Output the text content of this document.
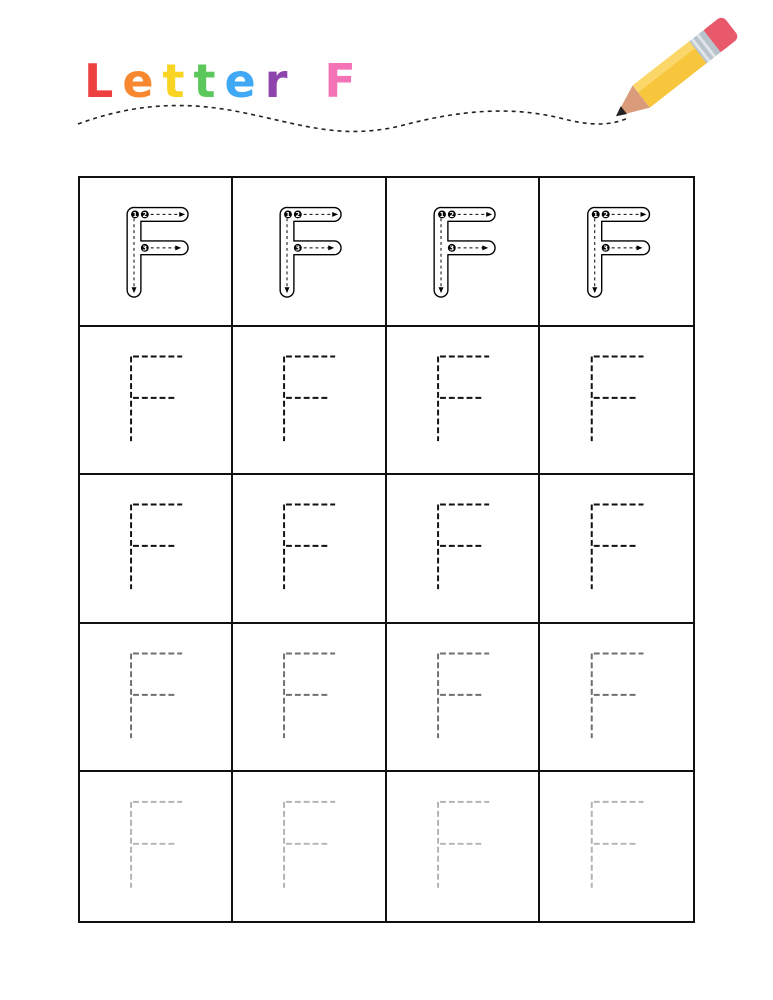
L e t t e r F
1 2
3
1 2
3
1 2
3
1 2
3
